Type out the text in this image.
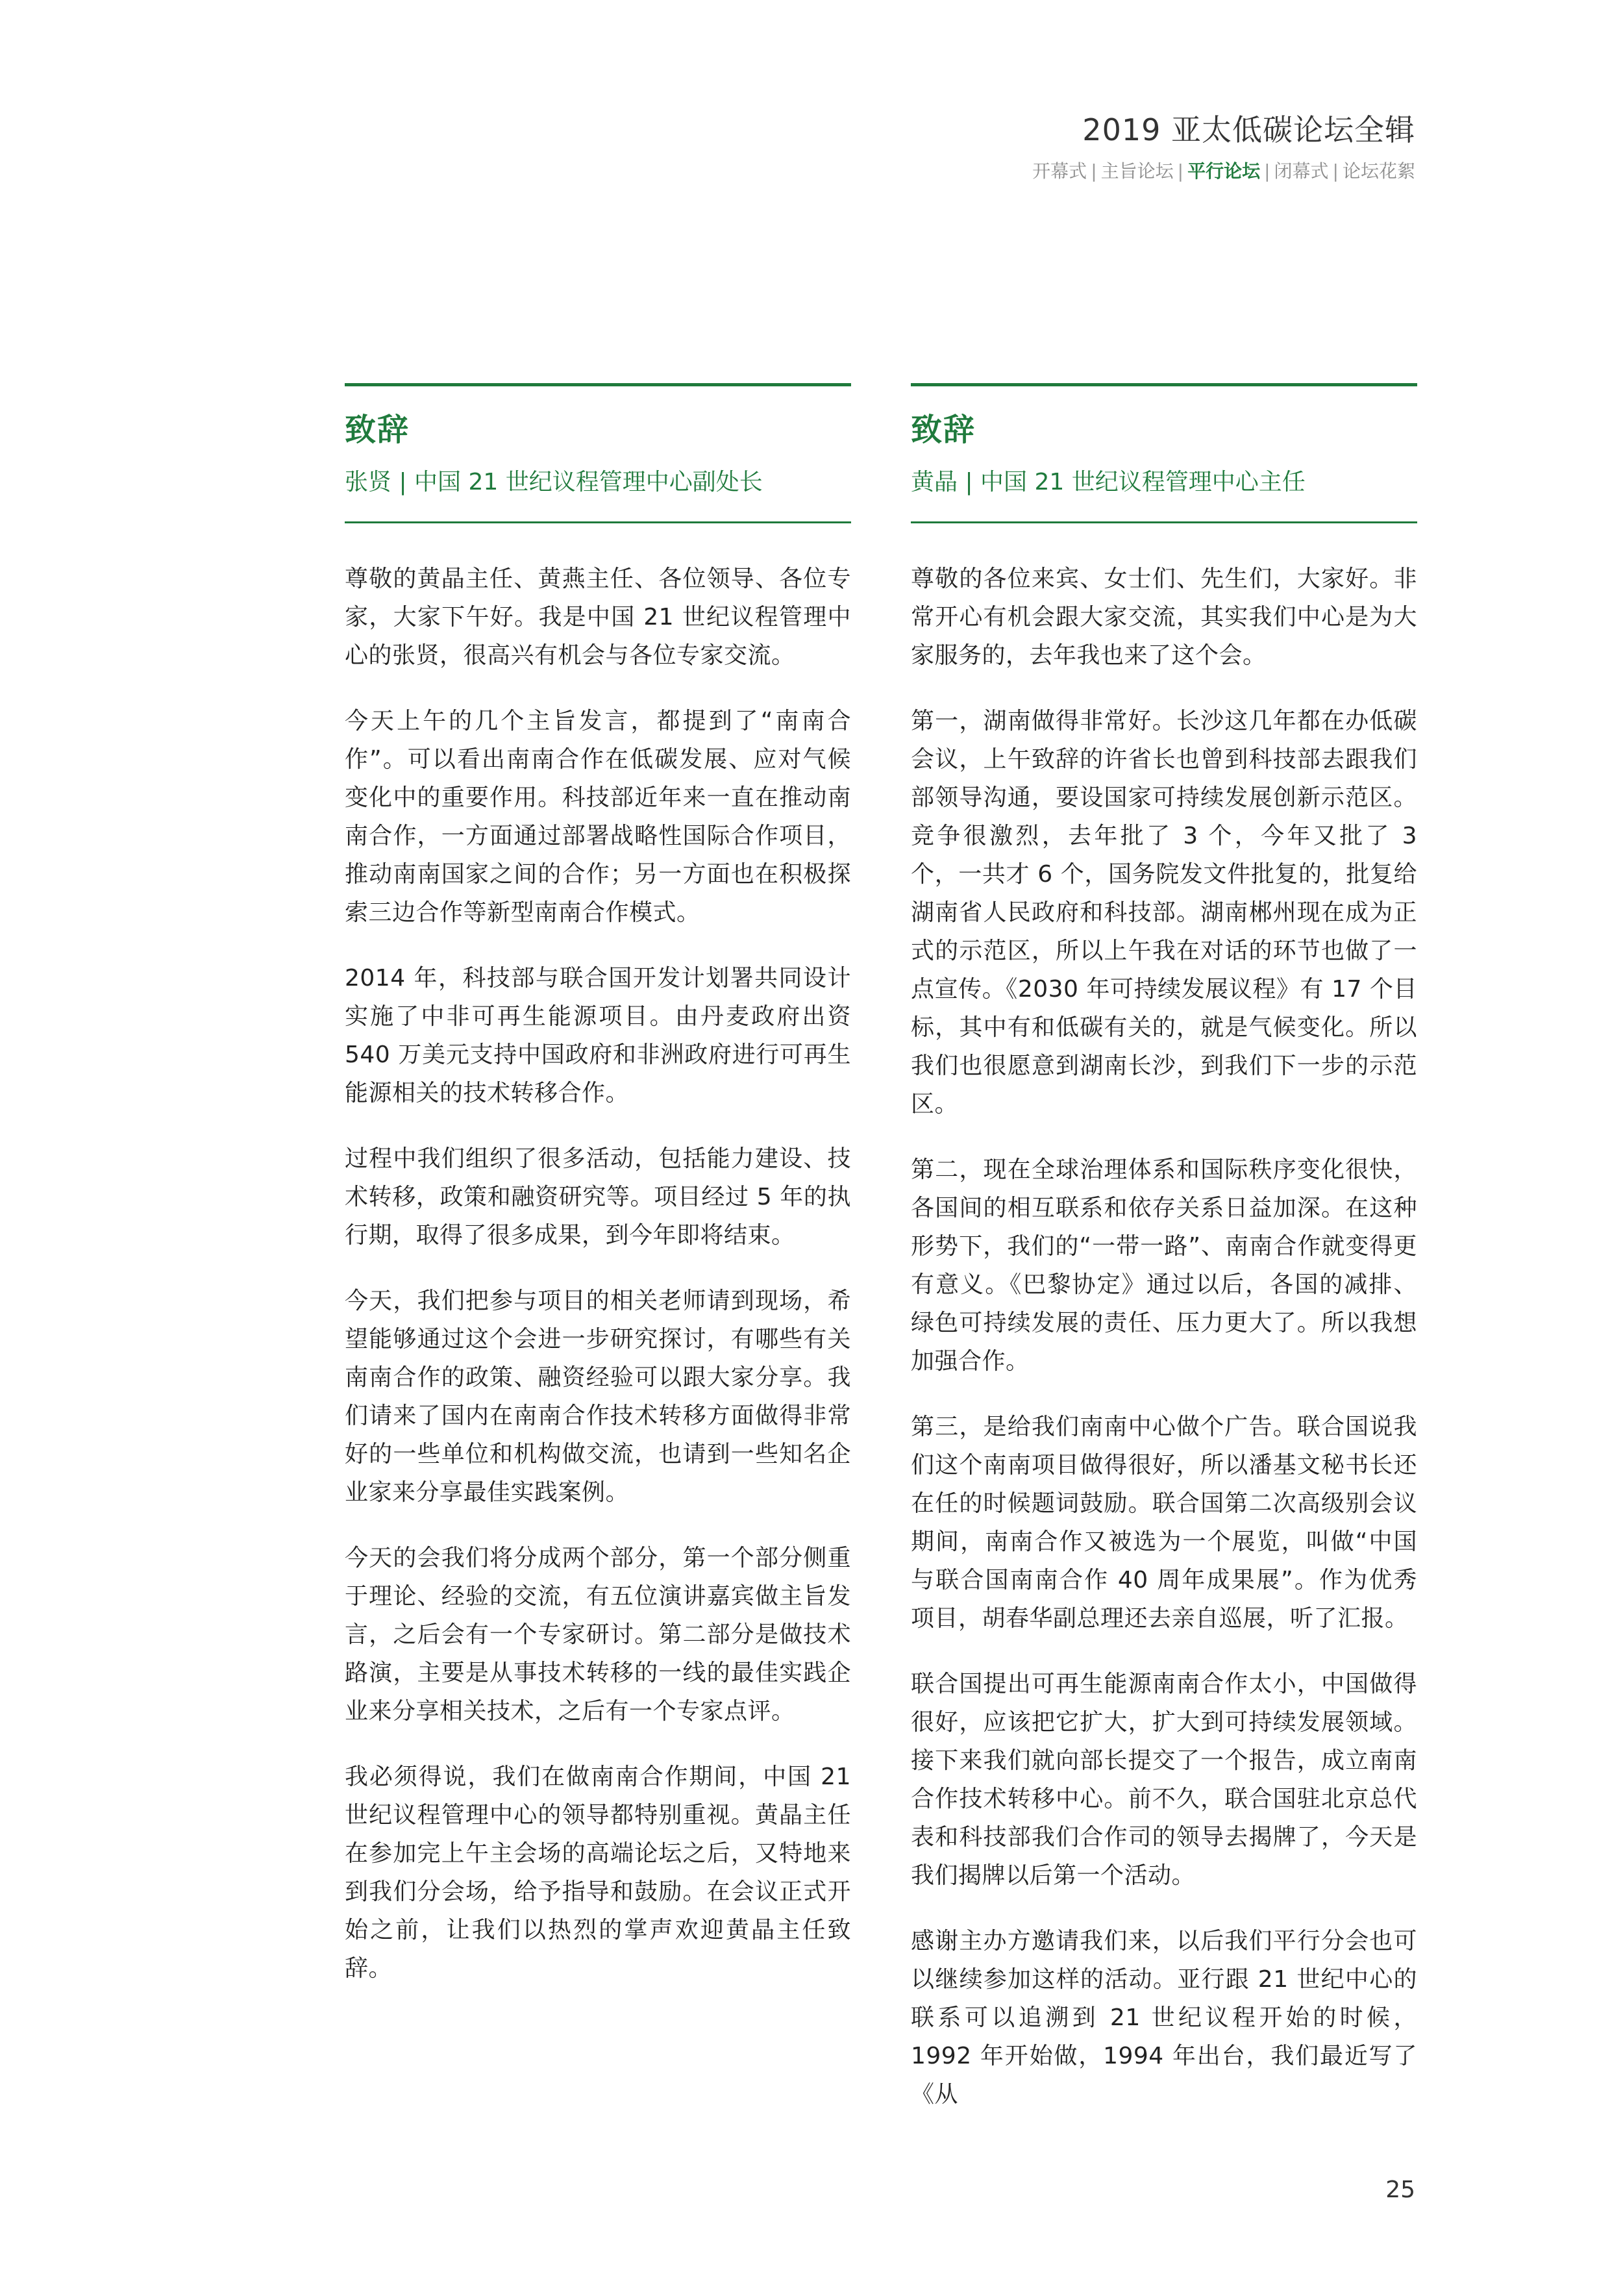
2019 亚太低碳论坛全辑
开幕式 | 主旨论坛 | 平行论坛 | 闭幕式 | 论坛花絮
致辞
张贤 | 中国 21 世纪议程管理中心副处长

尊敬的黄晶主任、黄燕主任、各位领导、各位专家，大家下午好。我是中国 21 世纪议程管理中心的张贤，很高兴有机会与各位专家交流。

今天上午的几个主旨发言，都提到了“南南合作”。可以看出南南合作在低碳发展、应对气候变化中的重要作用。科技部近年来一直在推动南南合作，一方面通过部署战略性国际合作项目，推动南南国家之间的合作；另一方面也在积极探索三边合作等新型南南合作模式。

2014 年，科技部与联合国开发计划署共同设计实施了中非可再生能源项目。由丹麦政府出资 540 万美元支持中国政府和非洲政府进行可再生能源相关的技术转移合作。

过程中我们组织了很多活动，包括能力建设、技术转移，政策和融资研究等。项目经过 5 年的执行期，取得了很多成果，到今年即将结束。

今天，我们把参与项目的相关老师请到现场，希望能够通过这个会进一步研究探讨，有哪些有关南南合作的政策、融资经验可以跟大家分享。我们请来了国内在南南合作技术转移方面做得非常好的一些单位和机构做交流，也请到一些知名企业家来分享最佳实践案例。

今天的会我们将分成两个部分，第一个部分侧重于理论、经验的交流，有五位演讲嘉宾做主旨发言，之后会有一个专家研讨。第二部分是做技术路演，主要是从事技术转移的一线的最佳实践企业来分享相关技术，之后有一个专家点评。

我必须得说，我们在做南南合作期间，中国 21 世纪议程管理中心的领导都特别重视。黄晶主任在参加完上午主会场的高端论坛之后，又特地来到我们分会场，给予指导和鼓励。在会议正式开始之前，让我们以热烈的掌声欢迎黄晶主任致辞。

致辞
黄晶 | 中国 21 世纪议程管理中心主任

尊敬的各位来宾、女士们、先生们，大家好。非常开心有机会跟大家交流，其实我们中心是为大家服务的，去年我也来了这个会。

第一，湖南做得非常好。长沙这几年都在办低碳会议，上午致辞的许省长也曾到科技部去跟我们部领导沟通，要设国家可持续发展创新示范区。竞争很激烈，去年批了 3 个，今年又批了 3 个，一共才 6 个，国务院发文件批复的，批复给湖南省人民政府和科技部。湖南郴州现在成为正式的示范区，所以上午我在对话的环节也做了一点宣传。《2030 年可持续发展议程》有 17 个目标，其中有和低碳有关的，就是气候变化。所以我们也很愿意到湖南长沙，到我们下一步的示范区。

第二，现在全球治理体系和国际秩序变化很快，各国间的相互联系和依存关系日益加深。在这种形势下，我们的“一带一路”、南南合作就变得更有意义。《巴黎协定》通过以后，各国的减排、绿色可持续发展的责任、压力更大了。所以我想加强合作。

第三，是给我们南南中心做个广告。联合国说我们这个南南项目做得很好，所以潘基文秘书长还在任的时候题词鼓励。联合国第二次高级别会议期间，南南合作又被选为一个展览，叫做“中国与联合国南南合作 40 周年成果展”。作为优秀项目，胡春华副总理还去亲自巡展，听了汇报。

联合国提出可再生能源南南合作太小，中国做得很好，应该把它扩大，扩大到可持续发展领域。接下来我们就向部长提交了一个报告，成立南南合作技术转移中心。前不久，联合国驻北京总代表和科技部我们合作司的领导去揭牌了，今天是我们揭牌以后第一个活动。

感谢主办方邀请我们来，以后我们平行分会也可以继续参加这样的活动。亚行跟 21 世纪中心的联系可以追溯到 21 世纪议程开始的时候，1992 年开始做，1994 年出台，我们最近写了《从

25
